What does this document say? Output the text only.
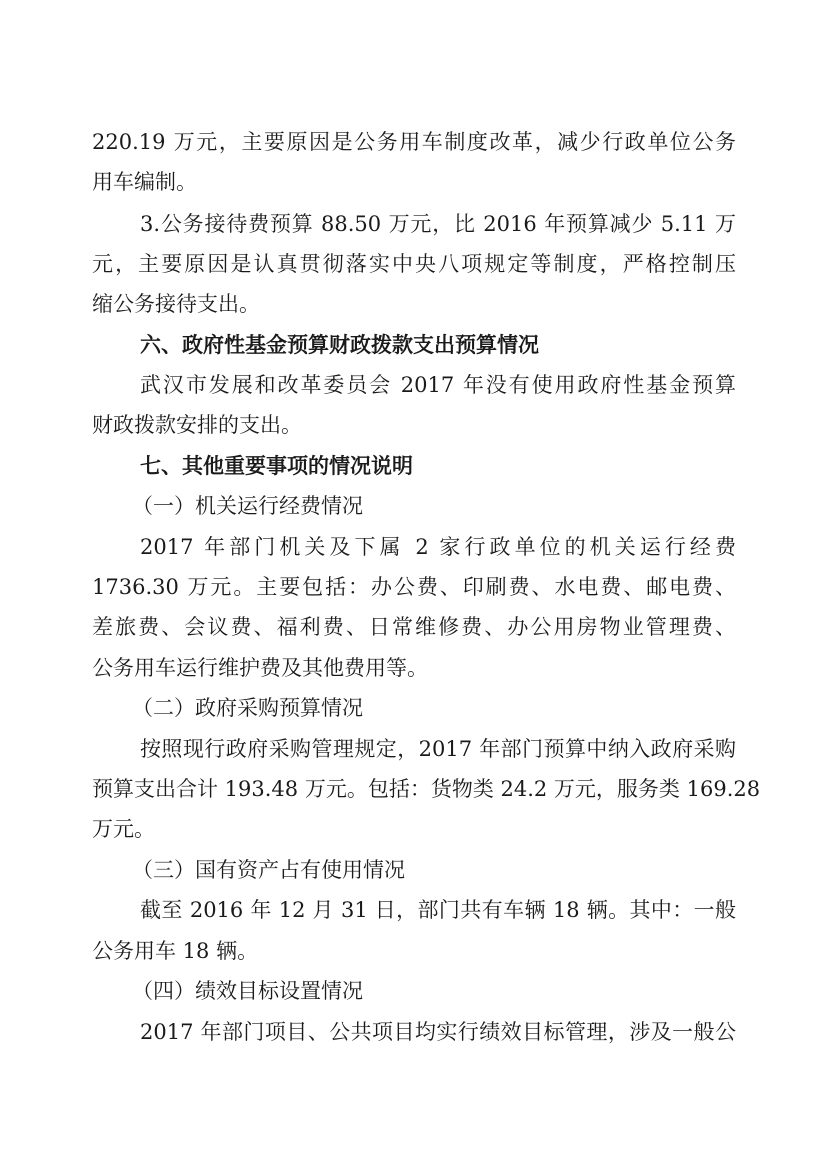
220.19 万元，主要原因是公务用车制度改革，减少行政单位公务
用车编制。
3.公务接待费预算 88.50 万元，比 2016 年预算减少 5.11 万
元，主要原因是认真贯彻落实中央八项规定等制度，严格控制压
缩公务接待支出。
六、政府性基金预算财政拨款支出预算情况
武汉市发展和改革委员会 2017 年没有使用政府性基金预算
财政拨款安排的支出。
七、其他重要事项的情况说明
（一）机关运行经费情况
2017 年部门机关及下属 2 家行政单位的机关运行经费
1736.30 万元。主要包括：办公费、印刷费、水电费、邮电费、
差旅费、会议费、福利费、日常维修费、办公用房物业管理费、
公务用车运行维护费及其他费用等。
（二）政府采购预算情况
按照现行政府采购管理规定，2017 年部门预算中纳入政府采购
预算支出合计 193.48 万元。包括：货物类 24.2 万元，服务类 169.28
万元。
（三）国有资产占有使用情况
截至 2016 年 12 月 31 日，部门共有车辆 18 辆。其中：一般
公务用车 18 辆。
（四）绩效目标设置情况
2017 年部门项目、公共项目均实行绩效目标管理，涉及一般公
